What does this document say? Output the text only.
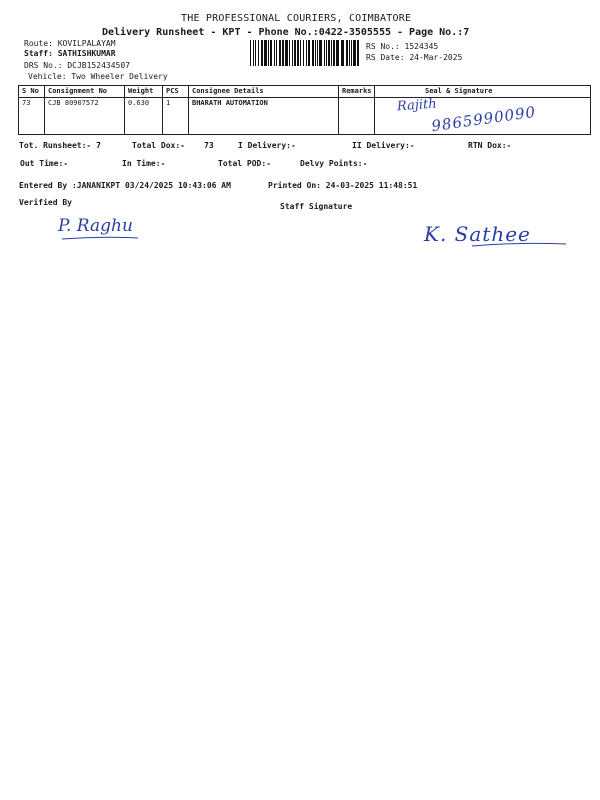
THE PROFESSIONAL COURIERS, COIMBATORE
Delivery Runsheet - KPT - Phone No.:0422-3505555 - Page No.:7
Route: KOVILPALAYAM
Staff: SATHISHKUMAR
DRS No.: DCJB152434507
Vehicle: Two Wheeler Delivery
RS No.: 1524345
RS Date: 24-Mar-2025
S No	Consignment No	Weight	PCS	Consignee Details	Remarks	Seal & Signature
73	CJB 80907572	0.630	1	BHARATH AUTOMATION		Rajith
9865990090
Tot. Runsheet:- 7	Total Dox:- 73	I Delivery:-	II Delivery:-	RTN Dox:-
Out Time:-	In Time:-	Total POD:-	Delvy Points:-
Entered By :JANANIKPT 03/24/2025 10:43:06 AM	Printed On: 24-03-2025 11:48:51
Verified By	Staff Signature
P. Raghu	K. Sathee
